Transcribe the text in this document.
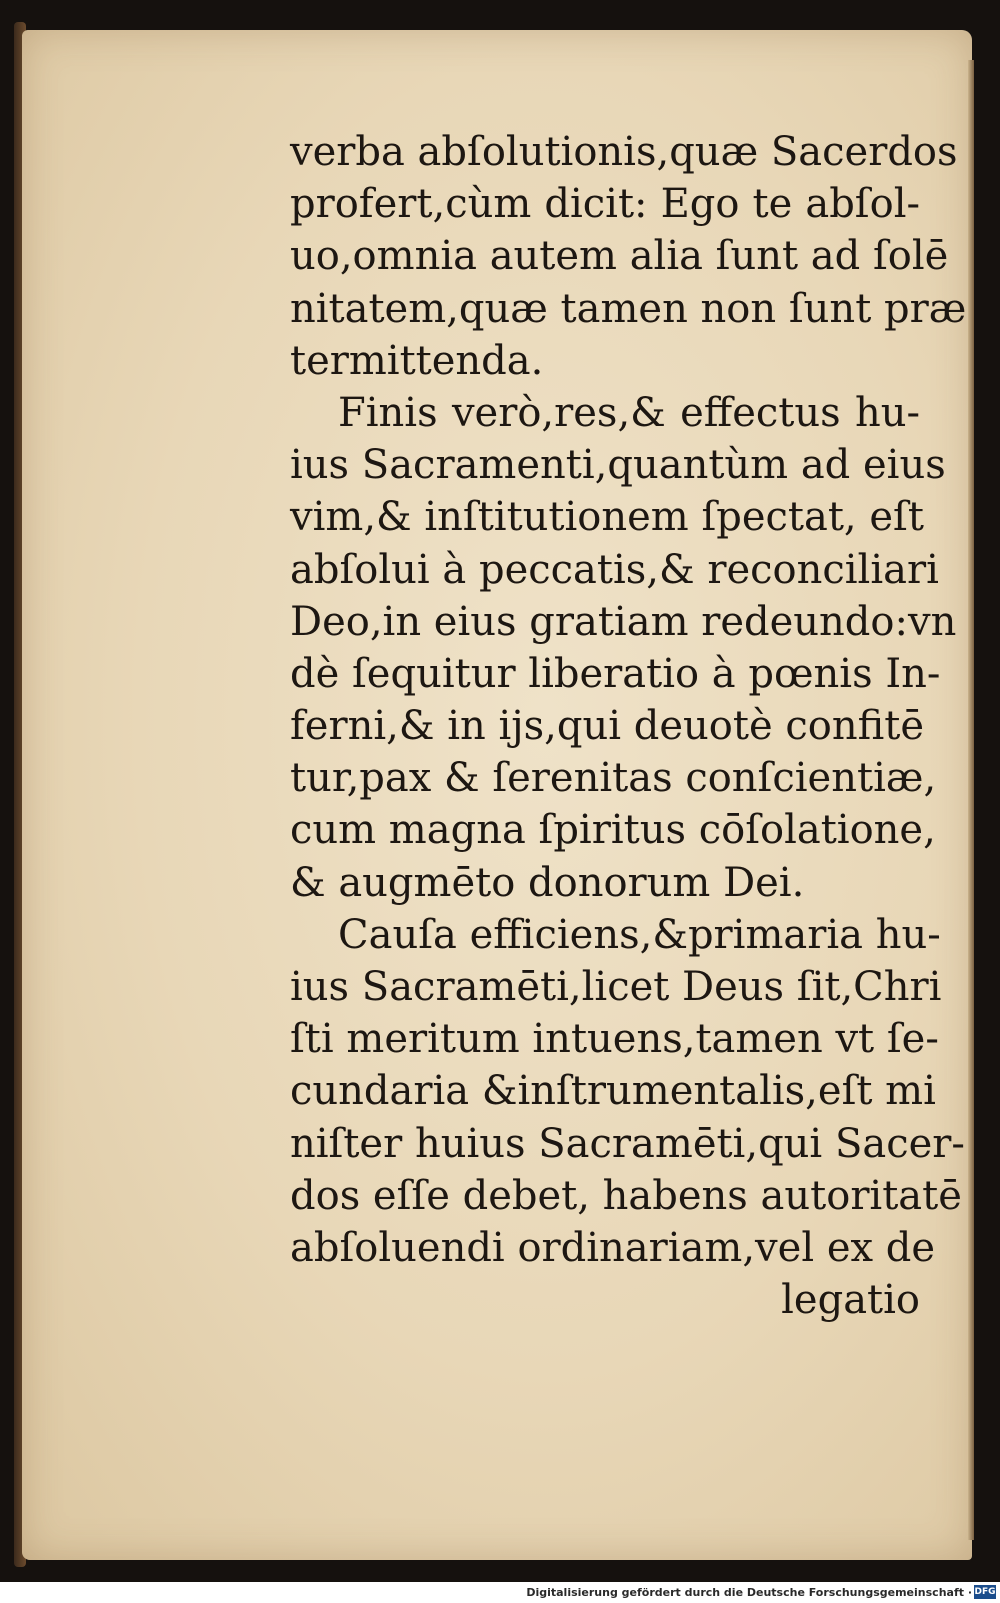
verba abſolutionis,quæ Sacerdos
profert,cùm dicit: Ego te abſol-
uo,omnia autem alia ſunt ad ſolē
nitatem,quæ tamen non ſunt præ
termittenda.
Finis verò,res,& effectus hu-
ius Sacramenti,quantùm ad eius
vim,& inſtitutionem ſpectat, eſt
abſolui à peccatis,& reconciliari
Deo,in eius gratiam redeundo:vn
dè ſequitur liberatio à pœnis In-
ferni,& in ijs,qui deuotè confitē
tur,pax & ſerenitas conſcientiæ,
cum magna ſpiritus cōſolatione,
& augmēto donorum Dei.
Cauſa efficiens,&primaria hu-
ius Sacramēti,licet Deus ſit,Chri
ſti meritum intuens,tamen vt ſe-
cundaria &inſtrumentalis,eſt mi
niſter huius Sacramēti,qui Sacer-
dos eſſe debet, habens autoritatē
abſoluendi ordinariam,vel ex de
legatio
Digitalisierung gefördert durch die Deutsche Forschungsgemeinschaft · DFG
